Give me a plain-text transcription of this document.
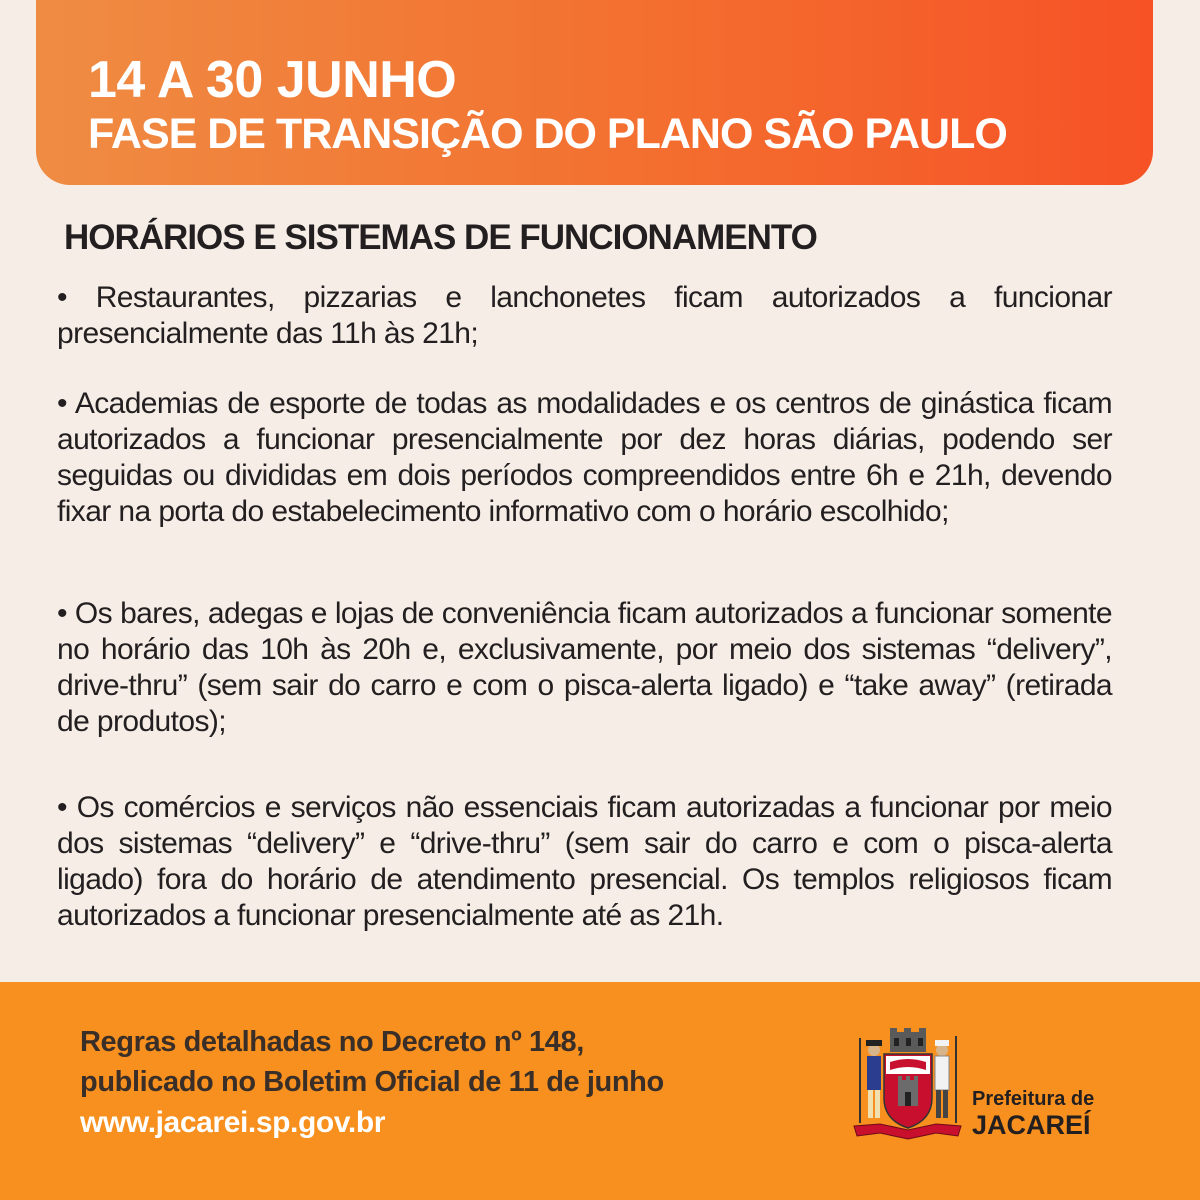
14 A 30 JUNHO
FASE DE TRANSIÇÃO DO PLANO SÃO PAULO
HORÁRIOS E SISTEMAS DE FUNCIONAMENTO

• Restaurantes, pizzarias e lanchonetes ficam autorizados a funcionar presencialmente das 11h às 21h;

• Academias de esporte de todas as modalidades e os centros de ginástica ficam autorizados a funcionar presencialmente por dez horas diárias, podendo ser seguidas ou divididas em dois períodos compreendidos entre 6h e 21h, devendo fixar na porta do estabelecimento informativo com o horário escolhido;

• Os bares, adegas e lojas de conveniência ficam autorizados a funcionar somente no horário das 10h às 20h e, exclusivamente, por meio dos sistemas “delivery”, drive-thru” (sem sair do carro e com o pisca-alerta ligado) e “take away” (retirada de produtos);

• Os comércios e serviços não essenciais ficam autorizadas a funcionar por meio dos sistemas “delivery” e “drive-thru” (sem sair do carro e com o pisca-alerta ligado) fora do horário de atendimento presencial. Os templos religiosos ficam autorizados a funcionar presencialmente até as 21h.

Regras detalhadas no Decreto nº 148,
publicado no Boletim Oficial de 11 de junho
www.jacarei.sp.gov.br
Prefeitura de
JACAREÍ
